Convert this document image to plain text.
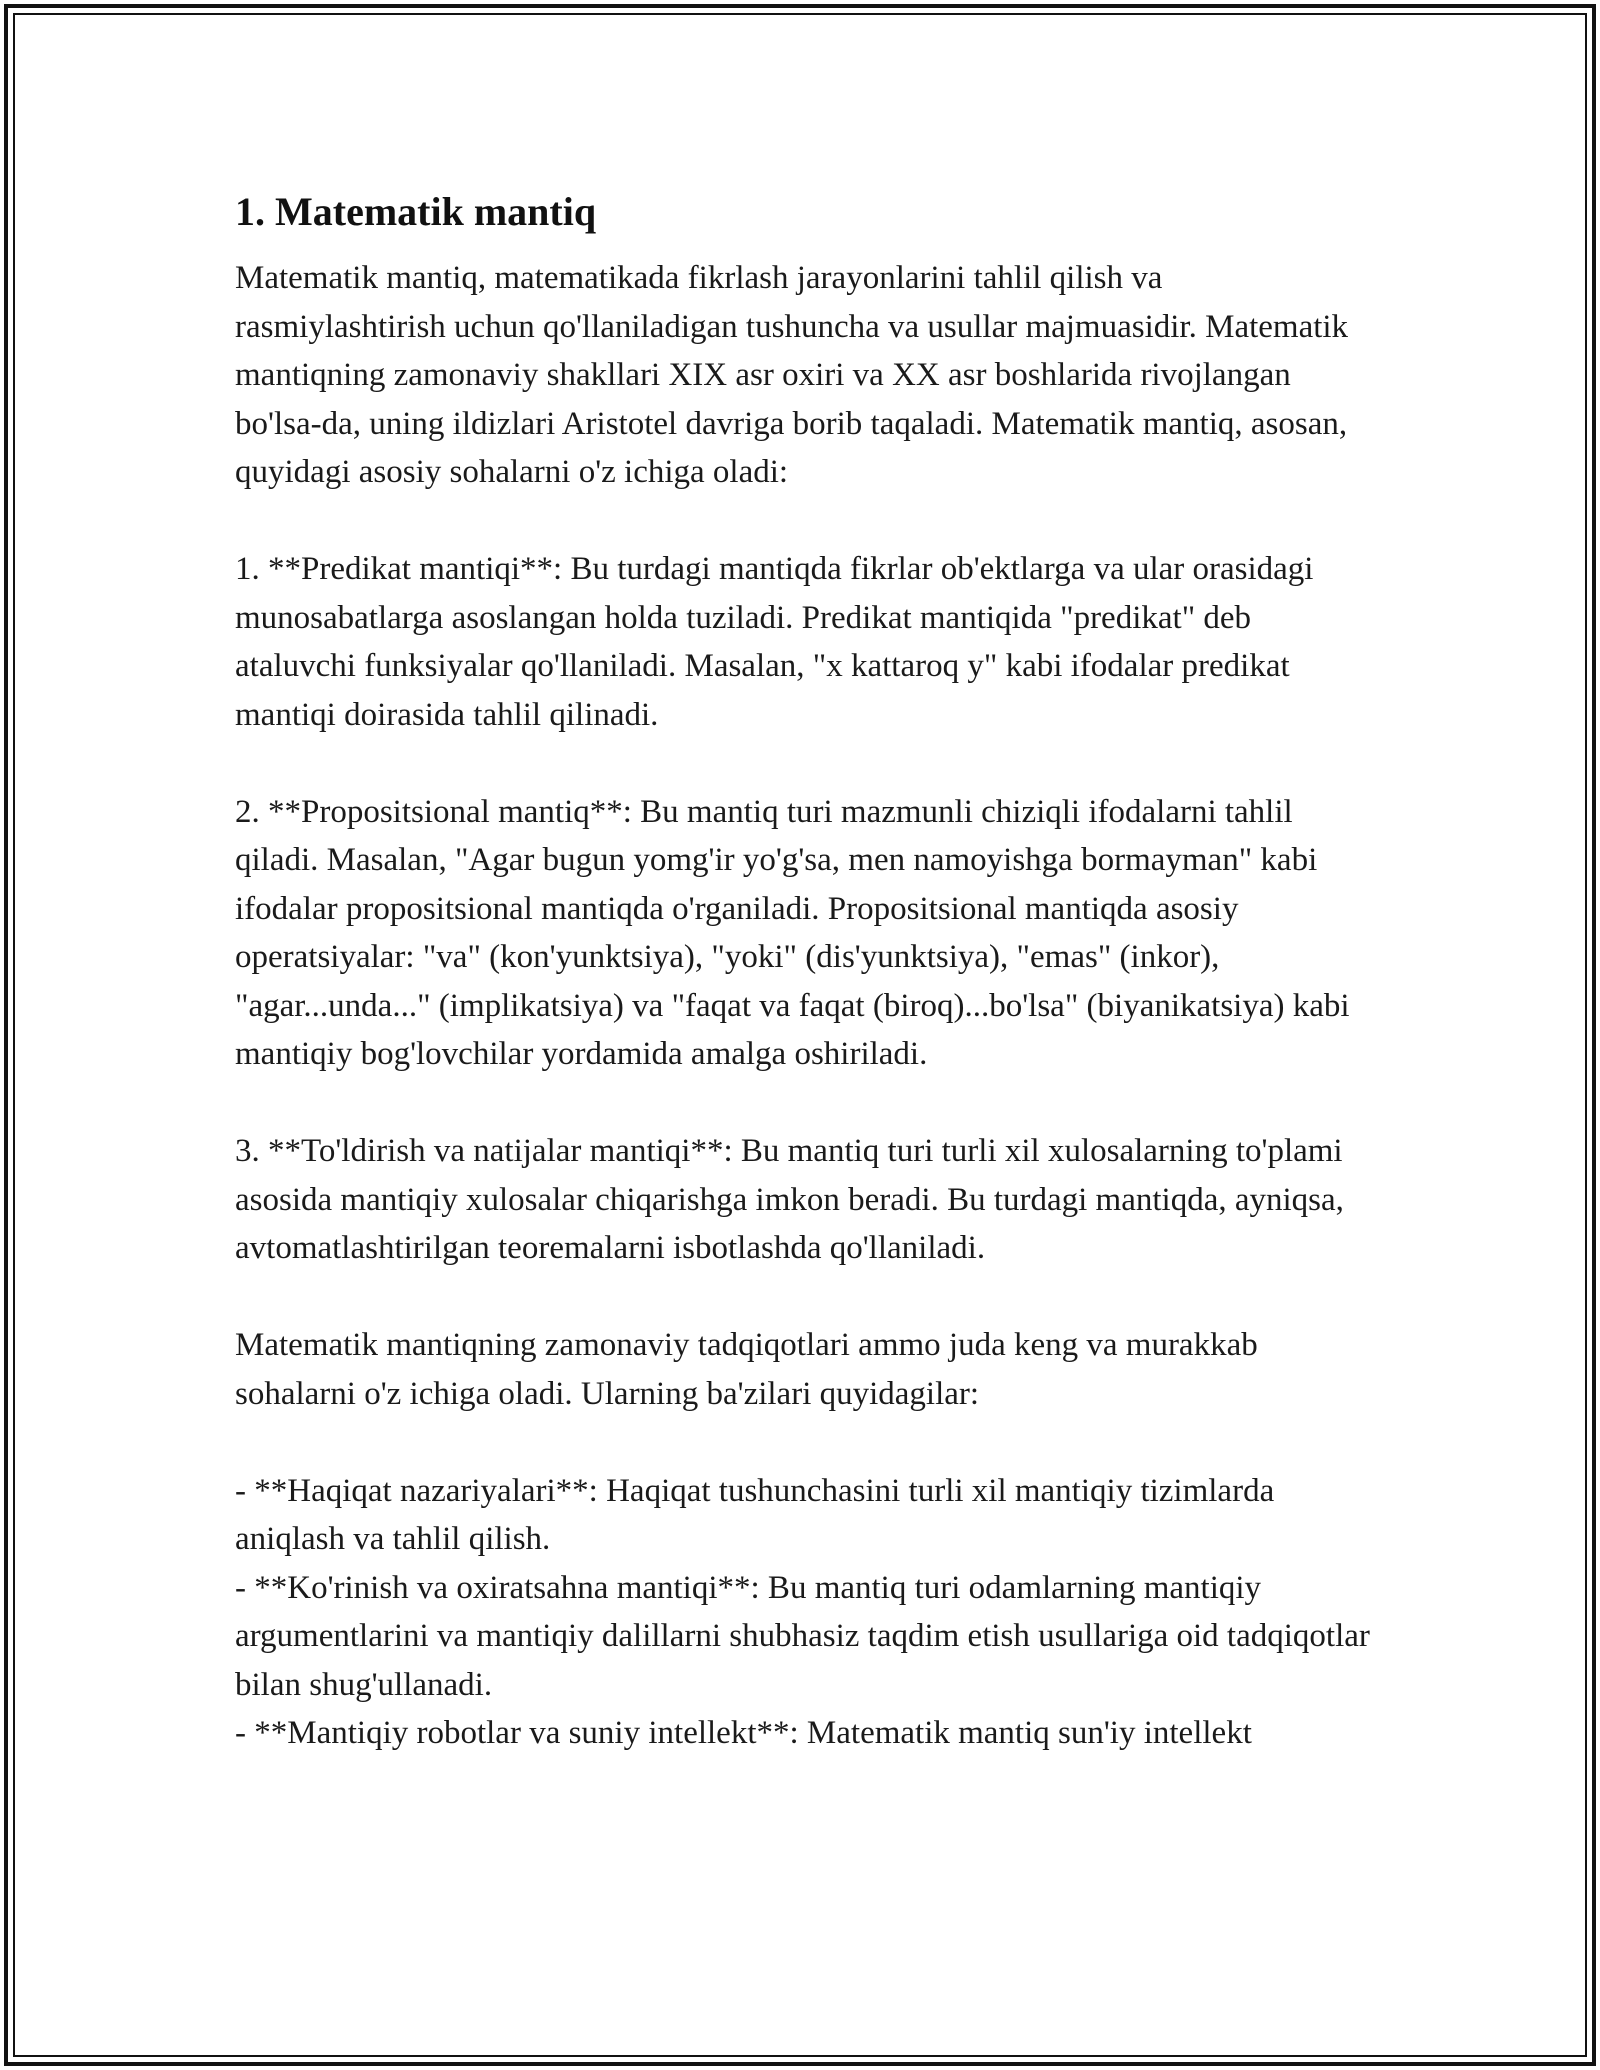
1. Matematik mantiq

Matematik mantiq, matematikada fikrlash jarayonlarini tahlil qilish va rasmiylashtirish uchun qo'llaniladigan tushuncha va usullar majmuasidir. Matematik mantiqning zamonaviy shakllari XIX asr oxiri va XX asr boshlarida rivojlangan bo'lsa-da, uning ildizlari Aristotel davriga borib taqaladi. Matematik mantiq, asosan, quyidagi asosiy sohalarni o'z ichiga oladi:

1. **Predikat mantiqi**: Bu turdagi mantiqda fikrlar ob'ektlarga va ular orasidagi munosabatlarga asoslangan holda tuziladi. Predikat mantiqida "predikat" deb ataluvchi funksiyalar qo'llaniladi. Masalan, "x kattaroq y" kabi ifodalar predikat mantiqi doirasida tahlil qilinadi.

2. **Propositsional mantiq**: Bu mantiq turi mazmunli chiziqli ifodalarni tahlil qiladi. Masalan, "Agar bugun yomg'ir yo'g'sa, men namoyishga bormayman" kabi ifodalar propositsional mantiqda o'rganiladi. Propositsional mantiqda asosiy operatsiyalar: "va" (kon'yunktsiya), "yoki" (dis'yunktsiya), "emas" (inkor), "agar...unda..." (implikatsiya) va "faqat va faqat (biroq)...bo'lsa" (biyanikatsiya) kabi mantiqiy bog'lovchilar yordamida amalga oshiriladi.

3. **To'ldirish va natijalar mantiqi**: Bu mantiq turi turli xil xulosalarning to'plami asosida mantiqiy xulosalar chiqarishga imkon beradi. Bu turdagi mantiqda, ayniqsa, avtomatlashtirilgan teoremalarni isbotlashda qo'llaniladi.

Matematik mantiqning zamonaviy tadqiqotlari ammo juda keng va murakkab sohalarni o'z ichiga oladi. Ularning ba'zilari quyidagilar:

- **Haqiqat nazariyalari**: Haqiqat tushunchasini turli xil mantiqiy tizimlarda aniqlash va tahlil qilish.

- **Ko'rinish va oxiratsahna mantiqi**: Bu mantiq turi odamlarning mantiqiy argumentlarini va mantiqiy dalillarni shubhasiz taqdim etish usullariga oid tadqiqotlar bilan shug'ullanadi.

- **Mantiqiy robotlar va suniy intellekt**: Matematik mantiq sun'iy intellekt
